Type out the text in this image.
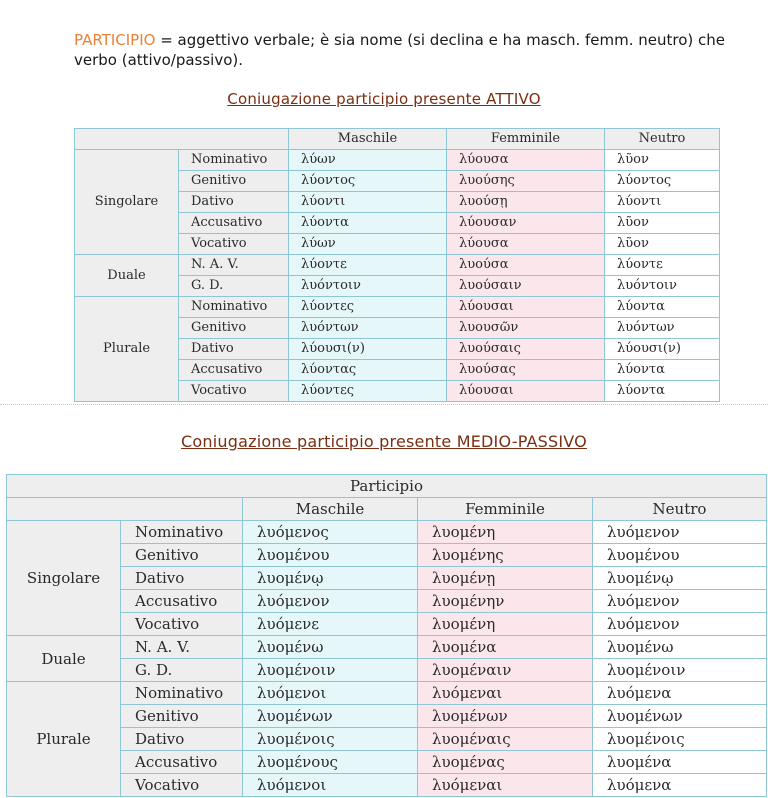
PARTICIPIO = aggettivo verbale; è sia nome (si declina e ha masch. femm. neutro) che verbo (attivo/passivo).
Coniugazione participio presente ATTIVO
		Maschile	Femminile	Neutro
Singolare	Nominativo	λύων	λύουσα	λῦον
	Genitivo	λύοντος	λυούσης	λύοντος
	Dativo	λύοντι	λυούσῃ	λύοντι
	Accusativo	λύοντα	λύουσαν	λῦον
	Vocativo	λύων	λύουσα	λῦον
Duale	N. A. V.	λύοντε	λυούσα	λύοντε
	G. D.	λυόντοιν	λυούσαιν	λυόντοιν
Plurale	Nominativo	λύοντες	λύουσαι	λύοντα
	Genitivo	λυόντων	λυουσῶν	λυόντων
	Dativo	λύουσι(ν)	λυούσαις	λύουσι(ν)
	Accusativo	λύοντας	λυούσας	λύοντα
	Vocativo	λύοντες	λύουσαι	λύοντα
Coniugazione participio presente MEDIO-PASSIVO
Participio				
		Maschile	Femminile	Neutro
Singolare	Nominativo	λυόμενος	λυομένη	λυόμενον
	Genitivo	λυομένου	λυομένης	λυομένου
	Dativo	λυομένῳ	λυομένῃ	λυομένῳ
	Accusativo	λυόμενον	λυομένην	λυόμενον
	Vocativo	λυόμενε	λυομένη	λυόμενον
Duale	N. A. V.	λυομένω	λυομένα	λυομένω
	G. D.	λυομένοιν	λυομέναιν	λυομένοιν
Plurale	Nominativo	λυόμενοι	λυόμεναι	λυόμενα
	Genitivo	λυομένων	λυομένων	λυομένων
	Dativo	λυομένοις	λυομέναις	λυομένοις
	Accusativo	λυομένους	λυομένας	λυομένα
	Vocativo	λυόμενοι	λυόμεναι	λυόμενα
